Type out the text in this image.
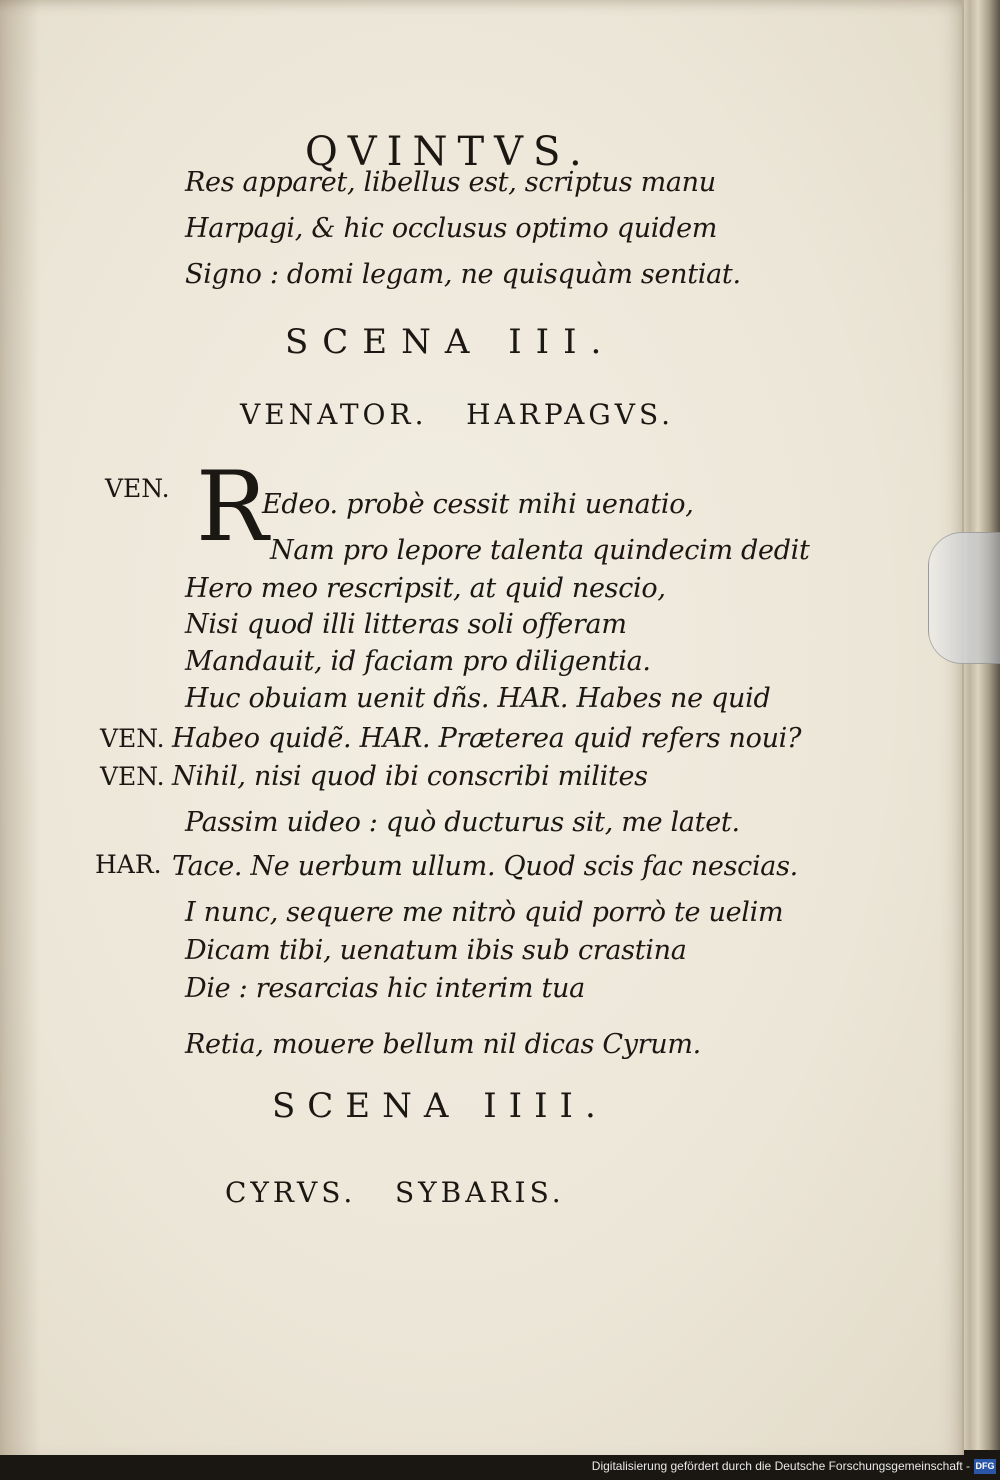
QVINTVS.
Res apparet, libellus est, scriptus manu
Harpagi, & hic occlusus optimo quidem
Signo : domi legam, ne quisquàm sentiat.
SCENA III.
VENATOR.   HARPAGVS.
VEN. R
Edeo. probè cessit mihi uenatio,
Nam pro lepore talenta quindecim dedit
Hero meo rescripsit, at quid nescio,
Nisi quod illi litteras soli offeram
Mandauit, id faciam pro diligentia.
Huc obuiam uenit dñs. HAR. Habes ne quid
VEN. Habeo quidẽ. HAR. Præterea quid refers noui?
VEN. Nihil, nisi quod ibi conscribi milites
Passim uideo : quò ducturus sit, me latet.
HAR. Tace. Ne uerbum ullum. Quod scis fac nescias.
I nunc, sequere me nitrò quid porrò te uelim
Dicam tibi, uenatum ibis sub crastina
Die : resarcias hic interim tua
Retia, mouere bellum nil dicas Cyrum.
SCENA IIII.
CYRVS.   SYBARIS.
Digitalisierung gefördert durch die Deutsche Forschungsgemeinschaft - DFG
